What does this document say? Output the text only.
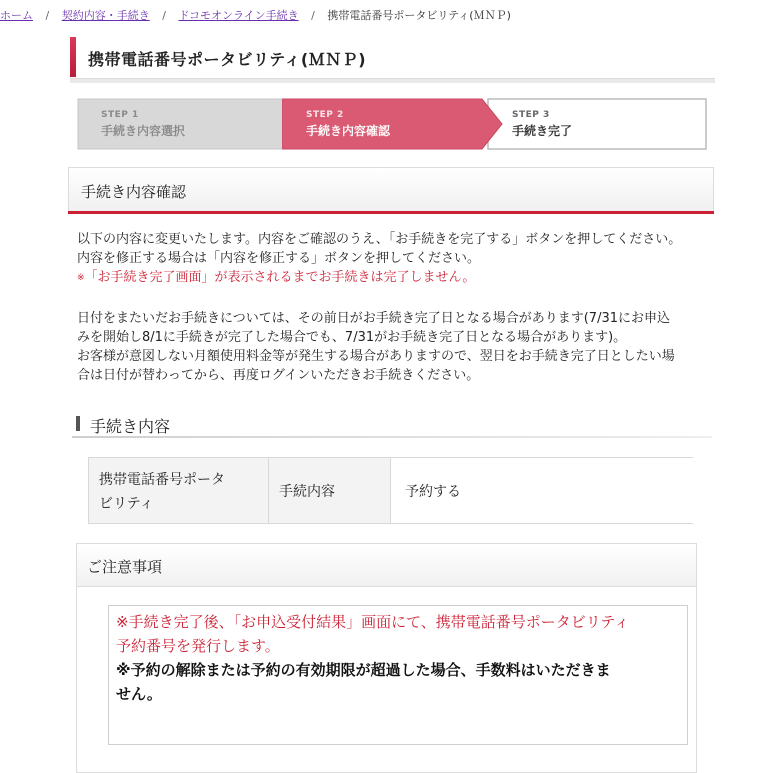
ホーム / 契約内容・手続き / ドコモオンライン手続き / 携帯電話番号ポータビリティ(ＭＮＰ)
携帯電話番号ポータビリティ(ＭＮＰ)
STEP 1
手続き内容選択
STEP 3
手続き完了
STEP 2
手続き内容確認
手続き内容確認
以下の内容に変更いたします。内容をご確認のうえ、「お手続きを完了する」ボタンを押してください。
内容を修正する場合は「内容を修正する」ボタンを押してください。
※「お手続き完了画面」が表示されるまでお手続きは完了しません。
日付をまたいだお手続きについては、その前日がお手続き完了日となる場合があります(7/31にお申込
みを開始し8/1に手続きが完了した場合でも、7/31がお手続き完了日となる場合があります)。
お客様が意図しない月額使用料金等が発生する場合がありますので、翌日をお手続き完了日としたい場
合は日付が替わってから、再度ログインいただきお手続きください。
手続き内容
携帯電話番号ポータ
ビリティ
手続内容	予約する
ご注意事項
※手続き完了後、「お申込受付結果」画面にて、携帯電話番号ポータビリティ
予約番号を発行します。
※予約の解除または予約の有効期限が超過した場合、手数料はいただきま
せん。
